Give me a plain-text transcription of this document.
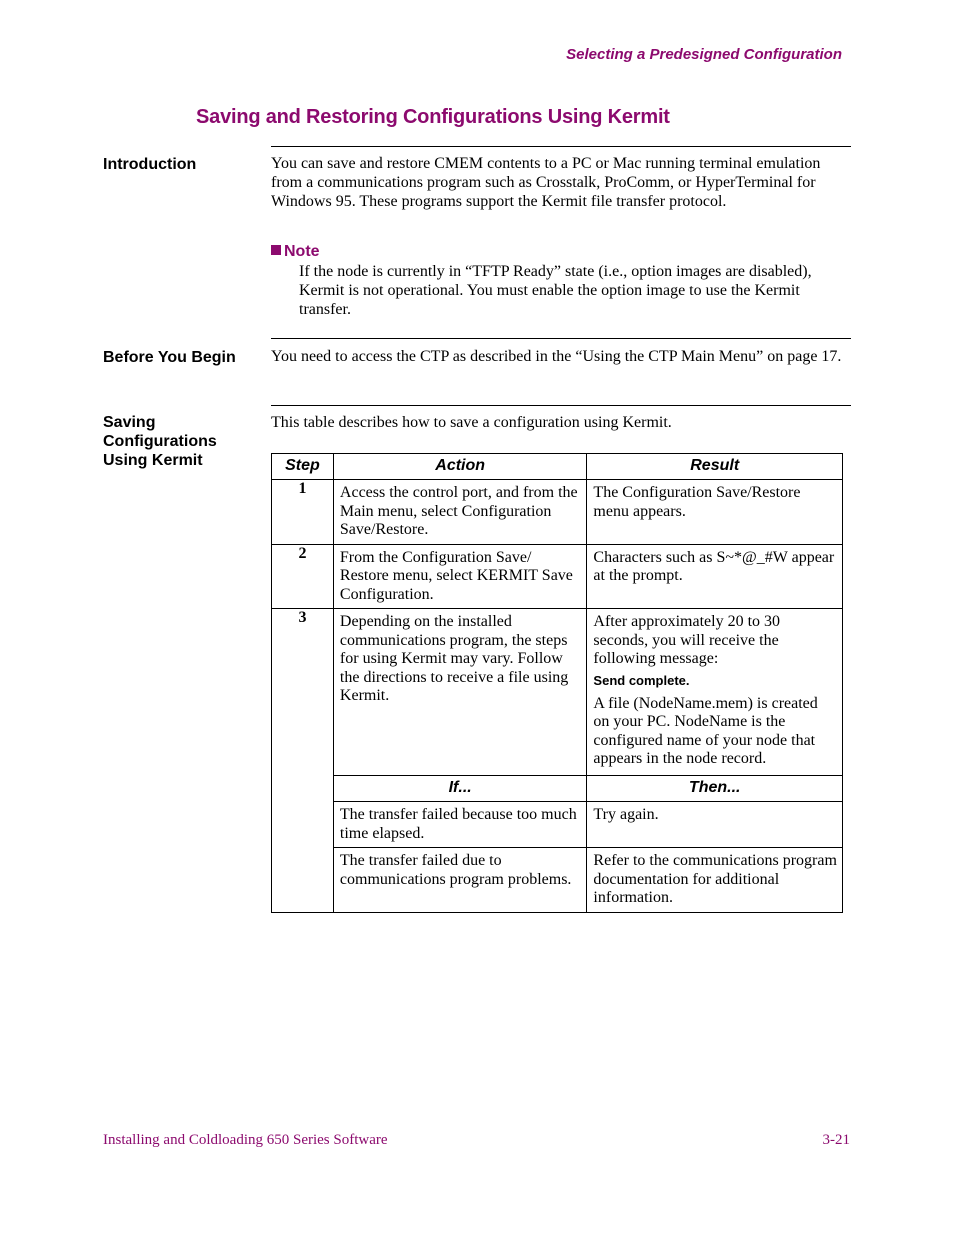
Selecting a Predesigned Configuration
Saving and Restoring Configurations Using Kermit
Introduction	You can save and restore CMEM contents to a PC or Mac running terminal emulation from a communications program such as Crosstalk, ProComm, or HyperTerminal for Windows 95. These programs support the Kermit file transfer protocol.
Note
If the node is currently in “TFTP Ready” state (i.e., option images are disabled), Kermit is not operational. You must enable the option image to use the Kermit transfer.
Before You Begin You need to access the CTP as described in the “Using the CTP Main Menu” on page 17.
Saving Configurations Using Kermit
This table describes how to save a configuration using Kermit.
Step	Action	Result
1	Access the control port, and from the Main menu, select Configuration Save/Restore.	The Configuration Save/Restore menu appears.

2	From the Configuration Save/ Restore menu, select KERMIT Save Configuration.	Characters such as S~*@_#W appear at the prompt.

3	Depending on the installed communications program, the steps for using Kermit may vary. Follow the directions to receive a file using Kermit.	After approximately 20 to 30 seconds, you will receive the following message:
Send complete.
A file (NodeName.mem) is created on your PC. NodeName is the configured name of your node that appears in the node record.

	If...	Then...

	The transfer failed because too much time elapsed.	Try again.

	The transfer failed due to communications program problems.	Refer to the communications program documentation for additional information.
Installing and Coldloading 650 Series Software	3-21
